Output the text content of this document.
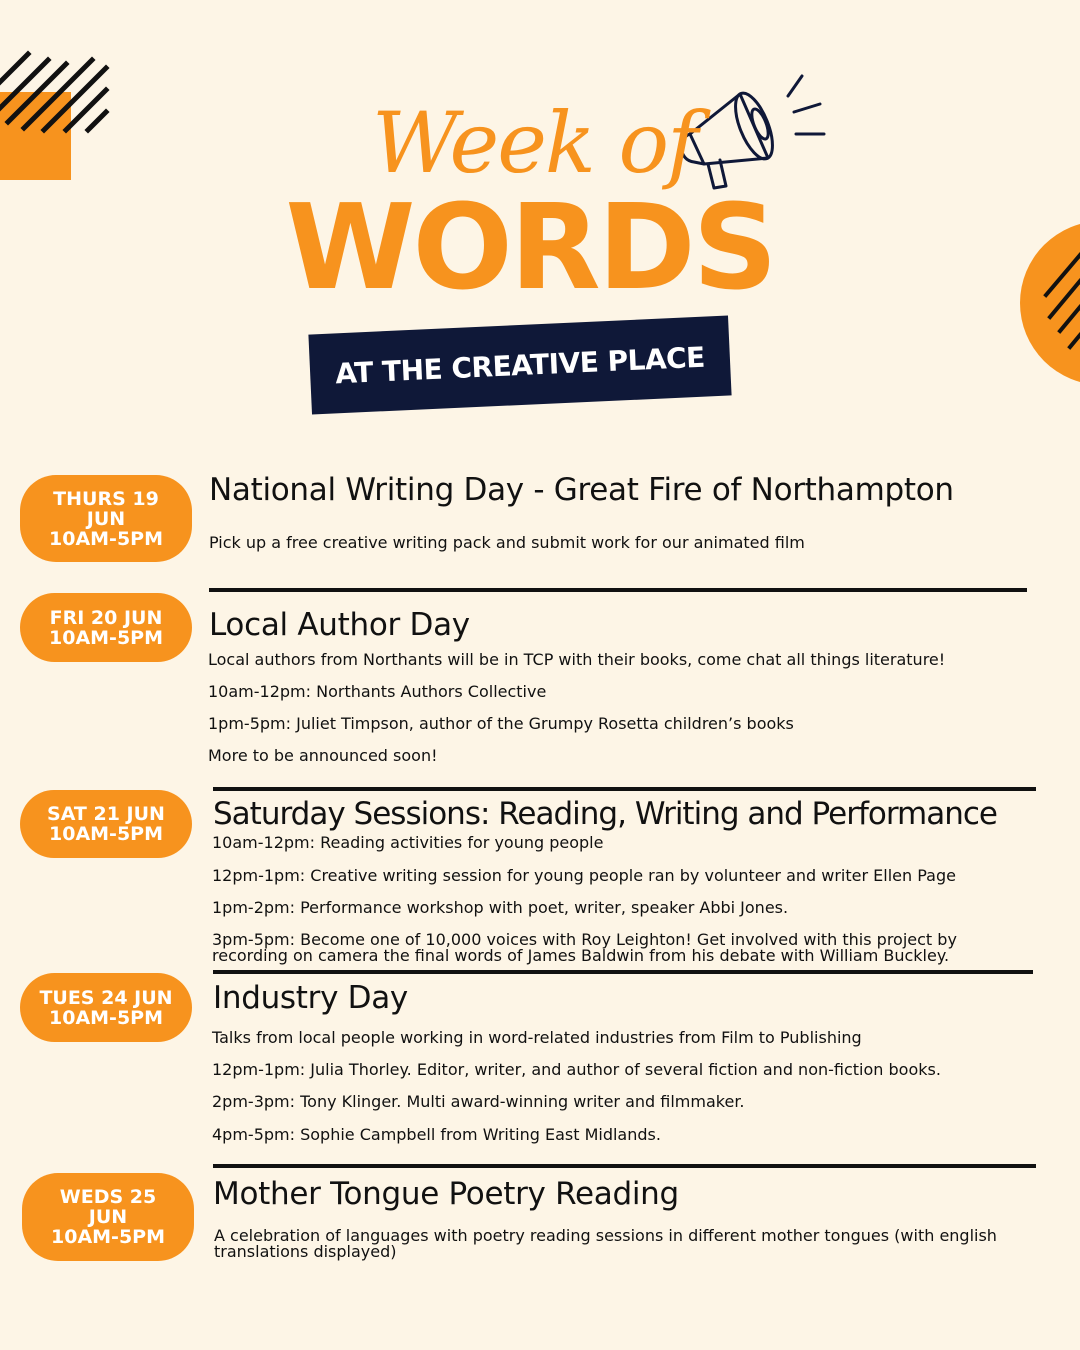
Week of
WORDS
AT THE CREATIVE PLACE
THURS 19
JUN
10AM-5PM
National Writing Day - Great Fire of Northampton
Pick up a free creative writing pack and submit work for our animated film
FRI 20 JUN
10AM-5PM Local Author Day
Local authors from Northants will be in TCP with their books, come chat all things literature!
10am-12pm: Northants Authors Collective
1pm-5pm: Juliet Timpson, author of the Grumpy Rosetta children’s books
More to be announced soon!
SAT 21 JUN
10AM-5PM
Saturday Sessions: Reading, Writing and Performance
10am-12pm: Reading activities for young people
12pm-1pm: Creative writing session for young people ran by volunteer and writer Ellen Page
1pm-2pm: Performance workshop with poet, writer, speaker Abbi Jones.
3pm-5pm: Become one of 10,000 voices with Roy Leighton! Get involved with this project by recording on camera the final words of James Baldwin from his debate with William Buckley.
TUES 24 JUN
10AM-5PM
Industry Day
Talks from local people working in word-related industries from Film to Publishing
12pm-1pm: Julia Thorley. Editor, writer, and author of several fiction and non-fiction books.
2pm-3pm: Tony Klinger. Multi award-winning writer and filmmaker.
4pm-5pm: Sophie Campbell from Writing East Midlands.
WEDS 25
JUN
10AM-5PM
Mother Tongue Poetry Reading
A celebration of languages with poetry reading sessions in different mother tongues (with english translations displayed)
